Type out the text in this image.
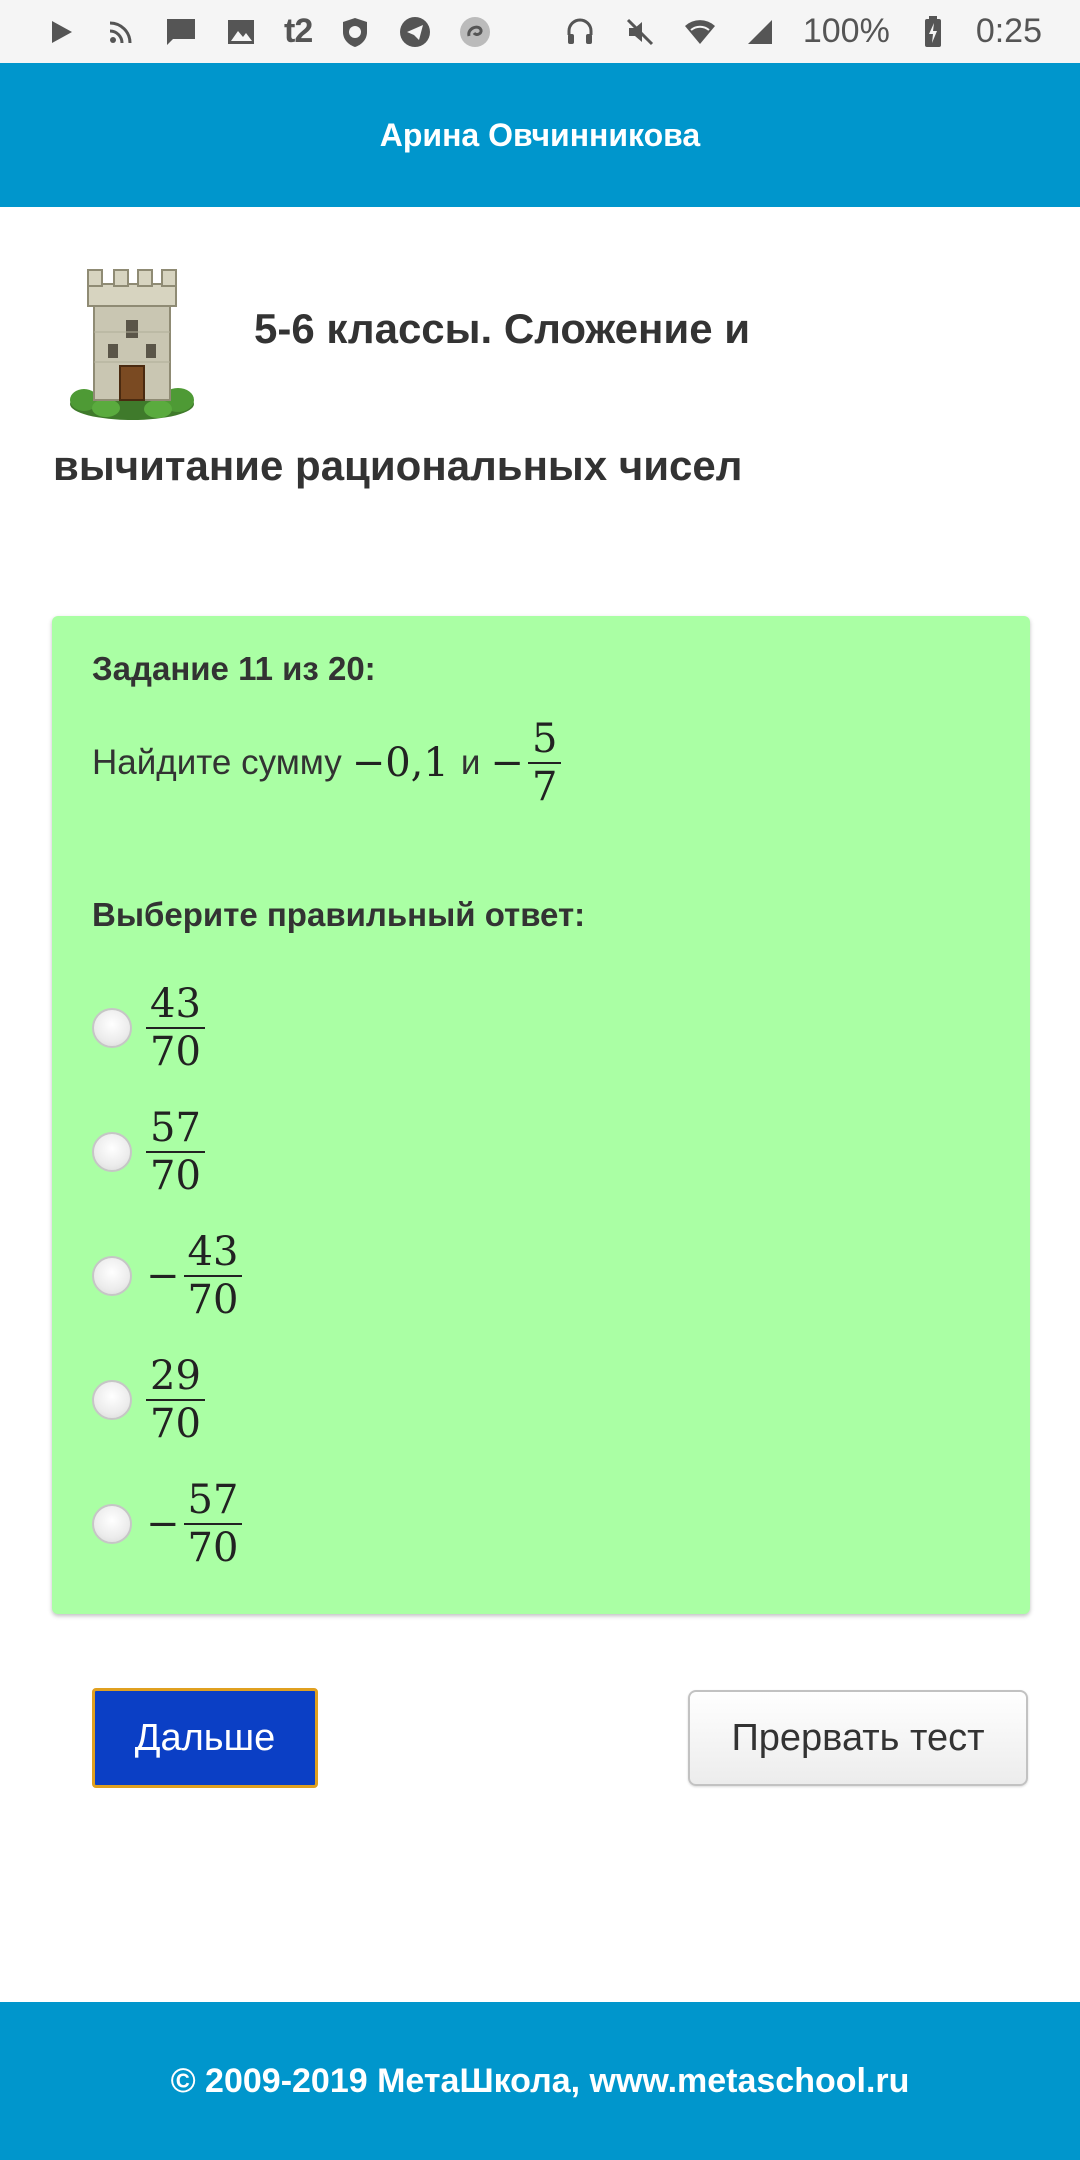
t2	100%	0:25
Арина Овчинникова
5-6 классы. Сложение и
вычитание рациональных чисел
Задание 11 из 20:
Найдите сумму −0,1 $и - \frac{5}{7}$
Выберите правильный ответ:
$\frac{43}{70}$
$\frac{57}{70}$
− $\frac{43}{70}$
$\frac{29}{70}$
− $\frac{57}{70}$
Дальше	Прервать тест
© 2009-2019 МетаШкола, www.metaschool.ru
